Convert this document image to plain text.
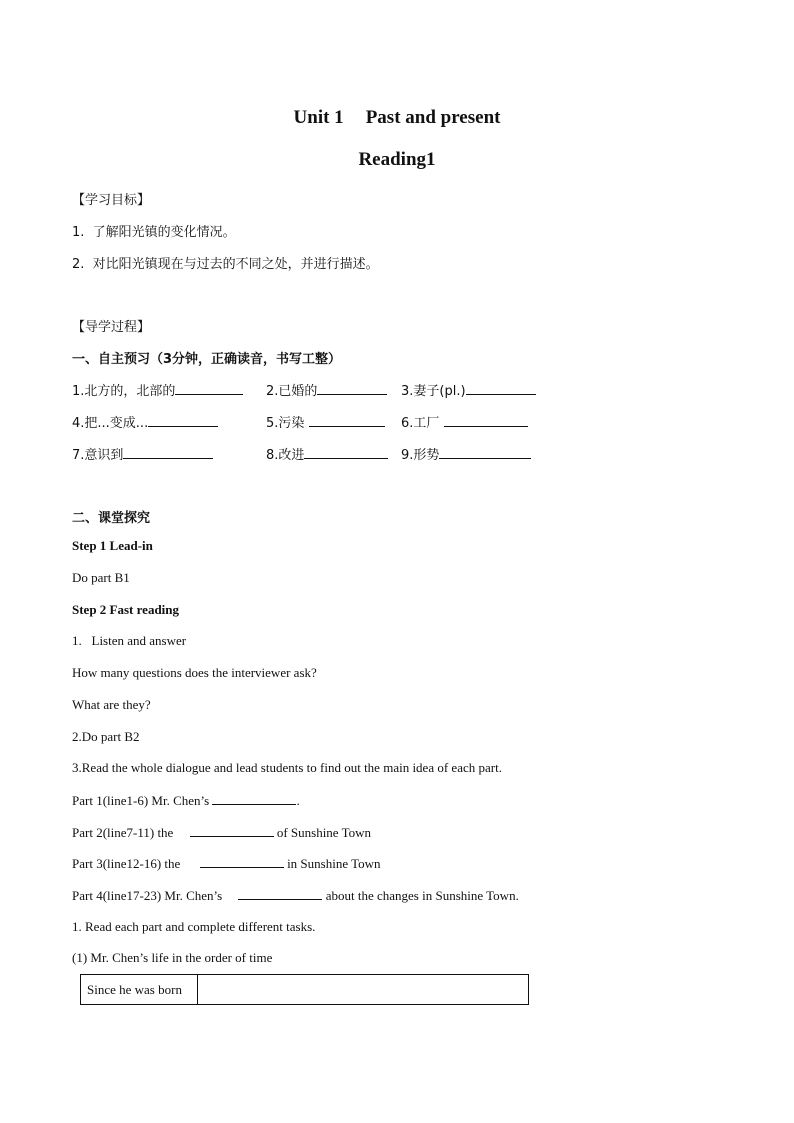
Unit 1 Past and present
Reading1
【学习目标】
1. 了解阳光镇的变化情况。
2. 对比阳光镇现在与过去的不同之处，并进行描述。
【导学过程】
一、自主预习（3分钟，正确读音，书写工整）
1.北方的，北部的	2.已婚的	3.妻子(pl.)
4.把...变成...	5.污染	6.工厂
7.意识到	8.改进	9.形势
二、课堂探究
Step 1 Lead-in
Do part B1
Step 2 Fast reading
1. Listen and answer
How many questions does the interviewer ask?
What are they?
2.Do part B2
3.Read the whole dialogue and lead students to find out the main idea of each part.
Part 1(line1-6) Mr. Chen’s	.
Part 2(line7-11) the	of Sunshine Town
Part 3(line12-16) the	in Sunshine Town
Part 4(line17-23) Mr. Chen’s	about the changes in Sunshine Town.
1. Read each part and complete different tasks.
(1) Mr. Chen’s life in the order of time
Since he was born	
